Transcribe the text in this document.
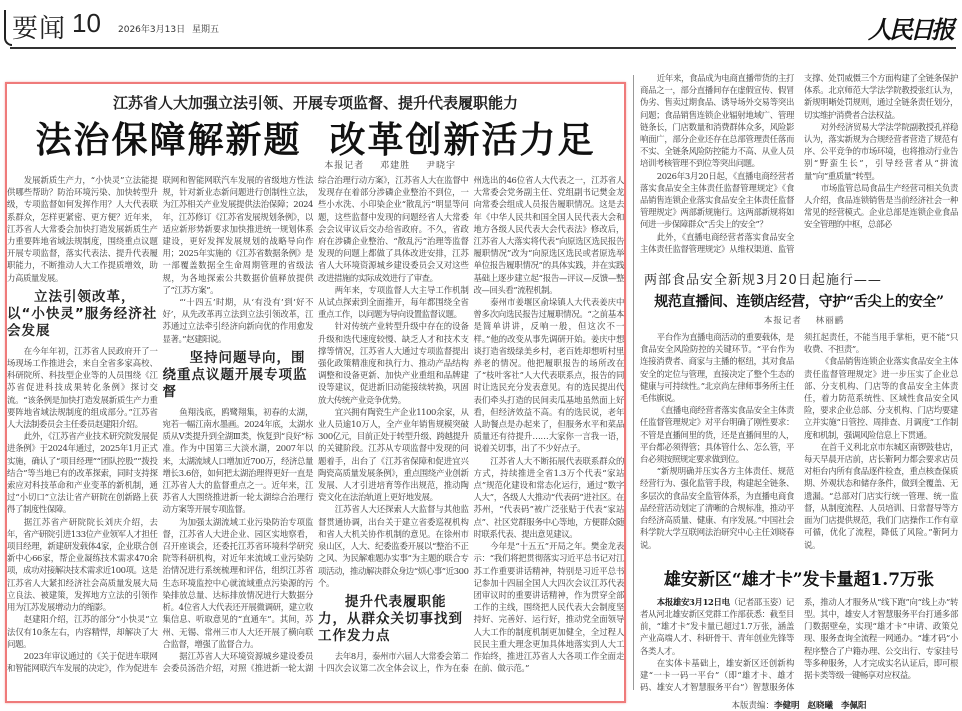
要闻 10 2026年3月13日 星期五	人民日报
江苏省人大加强立法引领、开展专项监督、提升代表履职能力
法治保障解新题 改革创新活力足
本报记者 邓建胜 尹晓宇

发展新质生产力，“小快灵”立法能提供哪些帮助？防治环境污染、加快转型升级，专项监督如何发挥作用？人大代表联系群众，怎样更紧密、更方便？近年来，江苏省人大常委会加快打造发展新质生产力重要阵地省域法规制度，围绕重点议题开展专项监督，落实代表法、提升代表履职能力，不断推动人大工作提质增效，助力高质量发展。

立法引领改革，以“小快灵”服务经济社会发展

在今年年初，江苏省人民政府开了一场现场工作推进会，来自全省多家高校、科研院所、科技型企业等的人员围绕《江苏省促进科技成果转化条例》探讨交流。“该条例是加快打造发展新质生产力重要阵地省域法规制度的组成部分。”江苏省人大法制委员会主任委员赵建阳介绍。

此外，《江苏省产业技术研究院发展促进条例》于2024年通过，2025年1月正式实施，确认了“项目经理”“团队控股”“拨投结合”等当地已有的改革探索，同时支持探索应对科技革命和产业变革的新机制，通过“小切口”立法让省产研院在创新路上获得了制度性保障。

据江苏省产研院院长刘庆介绍，去年，省产研院引进133位产业领军人才担任项目经理，新建研发载体4家，企业联合创新中心66家，帮企业凝练技术需求470余项，成功对接解决技术需求近100项。这是江苏省人大紧扣经济社会高质量发展大局立良法、被建策，发挥地方立法的引领作用为江苏发展增动力的缩影。

赵建阳介绍，江苏的部分“小快灵”立法仅有10条左右，内容精悍，却解决了大问题。

2023年审议通过的《关于促进车联网和智能网联汽车发展的决定》，作为促进车联网和智能网联汽车发展的省级地方性法规，针对新业态新问题进行创制性立法，为江苏相关产业发展提供法治保障；2024年，江苏修订《江苏省发展规划条例》，以适应新形势新要求加快推进统一规划体系建设，更好发挥发展规划的战略导向作用；2025年实施的《江苏省数据条例》是一部覆盖数据全生命周期管理的省级法规，为各地探索公共数据价值释放提供了“江苏方案”。

“‘十四五’时期，从‘有没有’到‘好不好’，从先改革再立法到立法引领改革，江苏通过立法牵引经济向新向优的作用愈发显著。”赵建阳说。

坚持问题导向，围绕重点议题开展专项监督

鱼翔浅底，鸥鹭翔集，初春的太湖，宛若一幅江南水墨画。2024年底，太湖水质从Ⅴ类提升到全湖Ⅲ类，恢复到“良好”标准。作为中国第三大淡水湖，2007年以来，太湖流域人口增加近700万，经济总量增长3.6倍，如何把太湖治理得更好一直是江苏省人大的监督重点之一。近年来，江苏省人大围绕推进新一轮太湖综合治理行动方案等开展专项监督。

为加强太湖流域工业污染防治专项监督，江苏省人大进企业、园区实地察看，召开座谈会，还委托江苏省环境科学研究院等科研机构，对近年来流域工业污染防治情况进行系统梳理和评估，组织江苏省生态环境监控中心就流域重点污染源的污染排放总量、达标排放情况进行大数据分析。4位省人大代表还开展微调研，建立收集信息、听取意见的“直通车”。其间，苏州、无锡、常州三市人大还开展了横向联合监督，增强了监督合力。

据江苏省人大环境资源城乡建设委员会委员汤浩介绍，对照《推进新一轮太湖综合治理行动方案》，江苏省人大在监督中发现存在着部分涉磷企业整治不到位，一些小水洗、小印染企业“散乱污”明显等问题，这些监督中发现的问题经省人大常委会会议审议后交办给省政府。不久，省政府在涉磷企业整治、“散乱污”治理等监督发现的问题上都做了具体改进安排，江苏省人大环境资源城乡建设委员会又对这些改进措施的实际成效进行了审查。

两年来，专项监督人大主导工作机制从试点探索到全面推开，每年都围绕全省重点工作，以问题为导向设置监督议题。

针对传统产业转型升级中存在的设备升级和迭代速度较慢、缺乏人才和技术支撑等情况，江苏省人大通过专项监督提出强化政策精准度和执行力、推动产品结构调整和设备更新、加快产业重组和品牌建设等建议，促进新旧动能接续转换，巩固放大传统产业竞争优势。

宜兴拥有陶瓷生产企业1100余家，从业人员逾10万人，全产业年销售规模突破300亿元，目前正处于转型升级、跨越提升的关键阶段。江苏从专项监督中发现的问题着手，出台了《江苏省保障和促进宜兴陶瓷高质量发展条例》，重点围绕产业创新发展、人才引进培育等作出规范，推动陶瓷文化在法治轨道上更好地发展。

江苏省人大还探索人大监督与其他监督贯通协调，出台关于建立省委巡视机构和省人大机关协作机制的意见。在徐州市泉山区，人大、纪委监委开展以“整治不正之风、为民解难题办实事”为主题的联合专项活动，推动解决群众身边“烦心事”近300个。

提升代表履职能力，从群众关切事找到工作发力点

去年8月，泰州市六届人大常委会第二十四次会议第二次全体会议上，作为在泰州选出的46位省人大代表之一，江苏省人大常委会党务副主任、党组副书记樊金龙向常委会组成人员报告履职情况。这是去年《中华人民共和国全国人民代表大会和地方各级人民代表大会代表法》修改后，江苏省人大落实将代表“向原选区选民报告履职情况”改为“向原选区选民或者原选举单位报告履职情况”的具体实践，并在实践基础上逐步建立起“报告—评议—反馈—整改—回头看”流程机制。

泰州市姜堰区俞垛镇人大代表姜庆中曾多次向选民报告过履职情况。“之前基本是简单讲讲，反响一般，但这次不一样。”他的改变从事先调研开始。姜庆中想谈打造省级绿美乡村，老百姓却想听村里养老的情况。他把履职报告的场所改在了“枝叶客社”人大代表联系点，报告的同时让选民充分发表意见。有的选民提出代表们牵头打造的民间卖瓜基地虽然面上好看，但经济效益不高。有的选民说，老年人助餐点是办起来了，但服务水平和菜品质量还有待提升……大家你一言我一语，说着关切事，出了不少好点子。

江苏省人大不断拓展代表联系群众的方式，持续推进全省1.3万个代表“家站点”规范化建设和常态化运行，通过“数字人大”，各级人大推动“代表码”进社区。在苏州，“代表码”被广泛张贴于代表“家站点”、社区党群服务中心等地，方便群众随时联系代表、提出意见建议。

今年是“十五五”开局之年。樊金龙表示：“我们将把贯彻落实习近平总书记对江苏工作重要讲话精神，特别是习近平总书记参加十四届全国人大四次会议江苏代表团审议时的重要讲话精神，作为贯穿全部工作的主线，围绕把人民代表大会制度坚持好、完善好、运行好，推动党全面领导人大工作的制度机制更加健全，全过程人民民主重大理念更加具体地落实到人大工作始终，推进江苏省人大各项工作全面走在前、做示范。”

近年来，食品成为电商直播带货的主打商品之一，部分直播间存在虚假宣传、假冒伪劣、售卖过期食品、诱导场外交易等突出问题；食品销售连锁企业辐射地域广、管理链条长，门店数量和消费群体众多，风险影响面广，部分企业还存在总部管理责任落而不实、全链条风险防控能力不高、从业人员培训考核管理不到位等突出问题。

2026年3月20日起，《直播电商经营者落实食品安全主体责任监督管理规定》《食品销售连锁企业落实食品安全主体责任监督管理规定》两部新规施行。这两部新规将如何进一步保障群众“舌尖上的安全”？

此外，《直播电商经营者落实食品安全主体责任监督管理规定》从维权渠道、监管支撑、处罚威慑三个方面构建了全链条保护体系。北京师范大学法学院教授张红认为，新规明晰处罚规则，通过全链条责任划分，切实维护消费者合法权益。

对外经济贸易大学法学院副教授孔祥稳认为，落实新规为合规经营者营造了规范有序、公平竞争的市场环境，也将推动行业告别“野蛮生长”，引导经营者从“拼流量”向“重质量”转型。

市场监管总局食品生产经营司相关负责人介绍，食品连锁销售是当前经济社会一种常见的经营模式。企业总部是连锁企业食品安全管理的中枢，总部必

两部食品安全新规3月20日起施行——
规范直播间、连锁店经营，守护“舌尖上的安全”
本报记者 林丽鹂

平台作为直播电商活动的重要载体，是食品安全风险防控的关键环节。“平台作为连接消费者、商家与主播的枢纽，其对食品安全的定位与管理，直接决定了整个生态的健康与可持续性。”北京尚左律师事务所主任毛伟旗说。

《直播电商经营者落实食品安全主体责任监督管理规定》对平台明确了刚性要求：不管是直播间里的货，还是直播间里的人，平台都必须得管；具体管什么、怎么管，平台必须按照规定要求做到位。

“新规明确并压实各方主体责任、规范经营行为、强化监管手段，构建起全链条、多层次的食品安全监管体系，为直播电商食品经营活动划定了清晰的合规标准，推动平台经济高质量、健康、有序发展。”中国社会科学院大学互联网法治研究中心主任刘晓春说。

须扛起责任，不能当甩手掌柜，更不能“只收费、不担责”。

《食品销售连锁企业落实食品安全主体责任监督管理规定》进一步压实了企业总部、分支机构、门店等的食品安全主体责任，着力防范系统性、区域性食品安全风险，要求企业总部、分支机构、门店均要建立并实施“日管控、周排查、月调度”工作制度和机制，强调风险信息上下贯通。

在首千义利北京市东城区南锣鼓巷店，每天早晨开店前，店长靳阿力都会要求店员对柜台内所有食品逐件检查，重点核查保质期、外观状态和储存条件，做到全覆盖、无遗漏。“总部对门店实行统一管理、统一监督，从制度流程、人员培训、日常督导等方面为门店提供规范，我们门店操作工作有章可循，优化了流程，降低了风险。”靳阿力说。

雄安新区“雄才卡”发卡量超1.7万张

本报雄安3月12日电（记者邵玉姿）记者从河北雄安新区党群工作部获悉：截至目前，“雄才卡”发卡量已超过1.7万张，涵盖产业高端人才、科研骨干、青年创业先锋等各类人才。

在实体卡基础上，雄安新区还创新构建“一卡一码一平台”（即“雄才卡、雄才码、雄安人才智慧服务平台”）智慧服务体系，推动人才服务从“线下跑”向“线上办”转型。其中，雄安人才智慧服务平台打通多部门数据壁垒，实现“雄才卡”申请、政策兑现、服务查询全流程一网通办。“雄才码”小程序整合了户籍办理、公交出行、专家挂号等多种服务，人才完成实名认证后，即可根据卡类等级一键畅享对应权益。

本版责编：李健明 赵晓曦 李佩阳
